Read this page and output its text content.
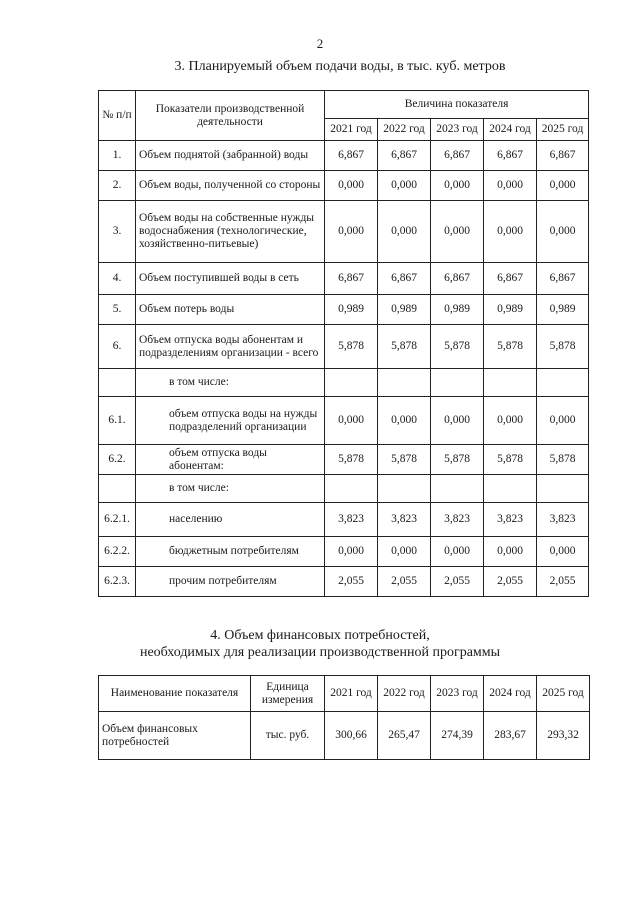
2
3. Планируемый объем подачи воды, в тыс. куб. метров
№ п/п	Показатели производственной деятельности	Величина показателя				
		2021 год	2022 год	2023 год	2024 год	2025 год
1.	Объем поднятой (забранной) воды	6,867	6,867	6,867	6,867	6,867
2.	Объем воды, полученной со стороны	0,000	0,000	0,000	0,000	0,000
3.	Объем воды на собственные нужды водоснабжения (технологические, хозяйственно-питьевые)	0,000	0,000	0,000	0,000	0,000
4.	Объем поступившей воды в сеть	6,867	6,867	6,867	6,867	6,867
5.	Объем потерь воды	0,989	0,989	0,989	0,989	0,989
6.	Объем отпуска воды абонентам и подразделениям организации - всего	5,878	5,878	5,878	5,878	5,878
	в том числе:					
6.1.	объем отпуска воды на нужды подразделений организации	0,000	0,000	0,000	0,000	0,000
6.2.	объем отпуска воды абонентам:	5,878	5,878	5,878	5,878	5,878
	в том числе:					
6.2.1.	населению	3,823	3,823	3,823	3,823	3,823
6.2.2.	бюджетным потребителям	0,000	0,000	0,000	0,000	0,000
6.2.3.	прочим потребителям	2,055	2,055	2,055	2,055	2,055
4. Объем финансовых потребностей,
необходимых для реализации производственной программы
Наименование показателя	Единица измерения	2021 год	2022 год	2023 год	2024 год	2025 год
Объем финансовых потребностей	тыс. руб.	300,66	265,47	274,39	283,67	293,32
